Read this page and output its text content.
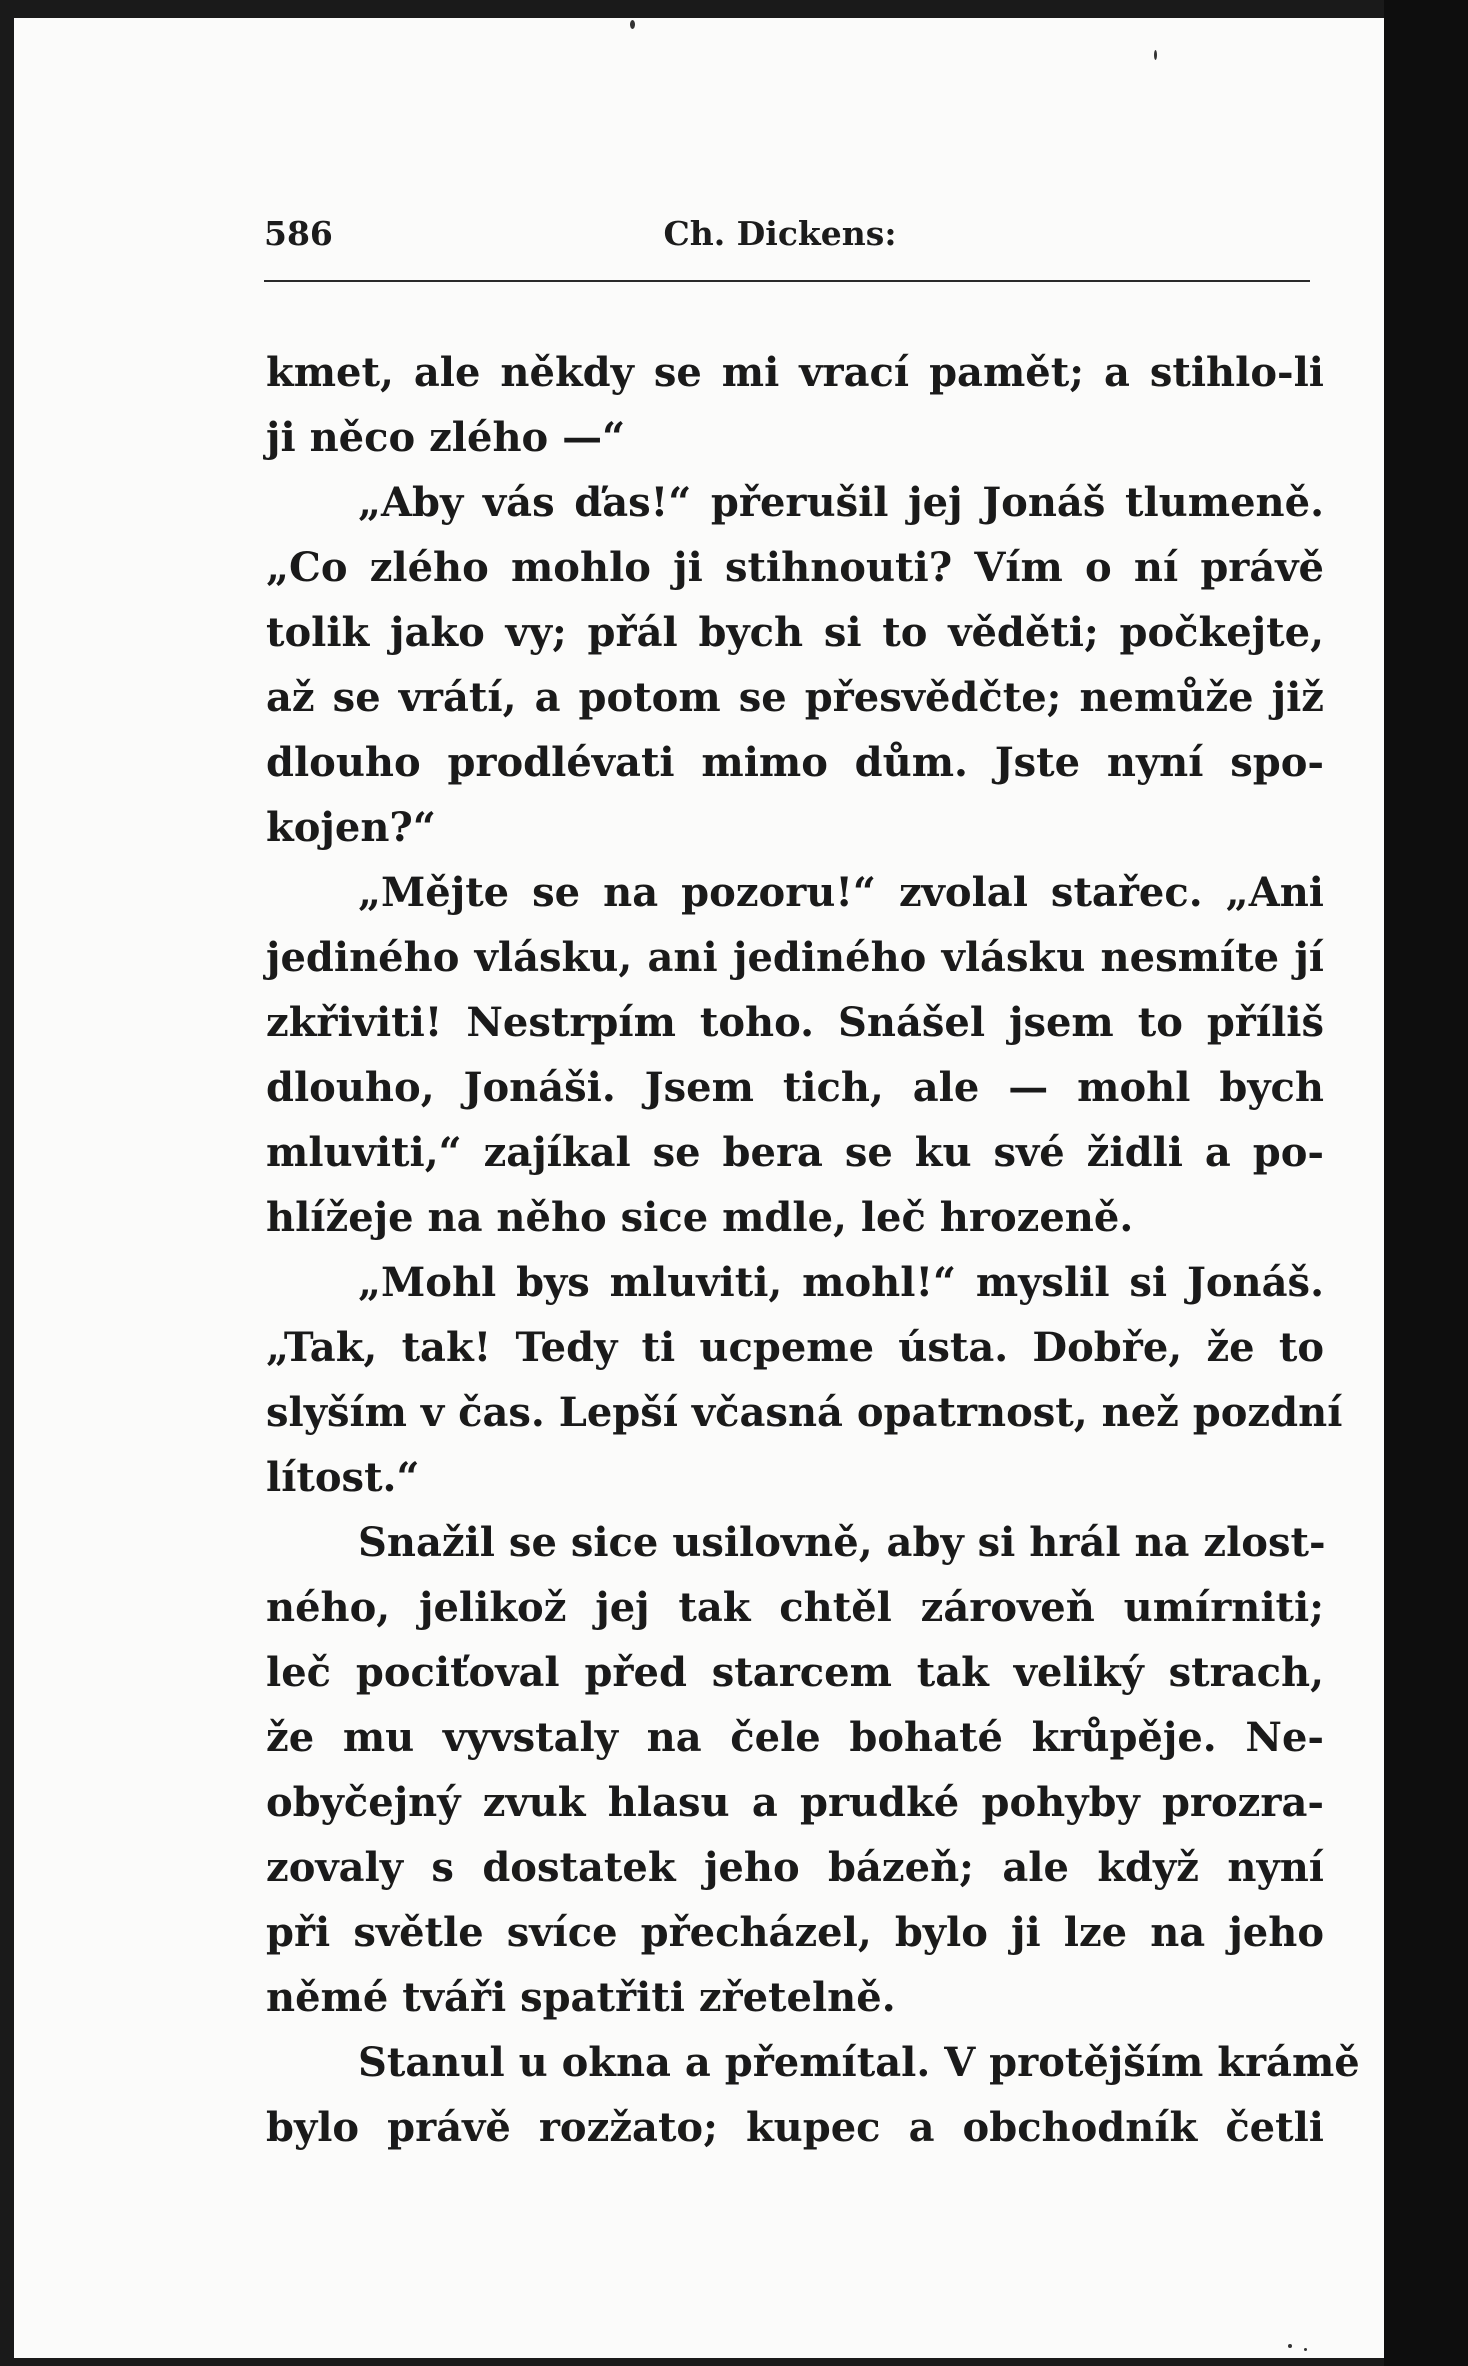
586	Ch. Dickens:
kmet, ale někdy se mi vrací pamět; a stihlo-li
ji něco zlého —“
„Aby vás ďas!“ přerušil jej Jonáš tlumeně.
„Co zlého mohlo ji stihnouti? Vím o ní právě
tolik jako vy; přál bych si to věděti; počkejte,
až se vrátí, a potom se přesvědčte; nemůže již
dlouho prodlévati mimo dům. Jste nyní spo-
kojen?“
„Mějte se na pozoru!“ zvolal stařec. „Ani
jediného vlásku, ani jediného vlásku nesmíte jí
zkřiviti! Nestrpím toho. Snášel jsem to příliš
dlouho, Jonáši. Jsem tich, ale — mohl bych
mluviti,“ zajíkal se bera se ku své židli a po-
hlížeje na něho sice mdle, leč hrozeně.
„Mohl bys mluviti, mohl!“ myslil si Jonáš.
„Tak, tak! Tedy ti ucpeme ústa. Dobře, že to
slyším v čas. Lepší včasná opatrnost, než pozdní
lítost.“
Snažil se sice usilovně, aby si hrál na zlost-
ného, jelikož jej tak chtěl zároveň umírniti;
leč pociťoval před starcem tak veliký strach,
že mu vyvstaly na čele bohaté krůpěje. Ne-
obyčejný zvuk hlasu a prudké pohyby prozra-
zovaly s dostatek jeho bázeň; ale když nyní
při světle svíce přecházel, bylo ji lze na jeho
němé tváři spatřiti zřetelně.
Stanul u okna a přemítal. V protějším krámě
bylo právě rozžato; kupec a obchodník četli
